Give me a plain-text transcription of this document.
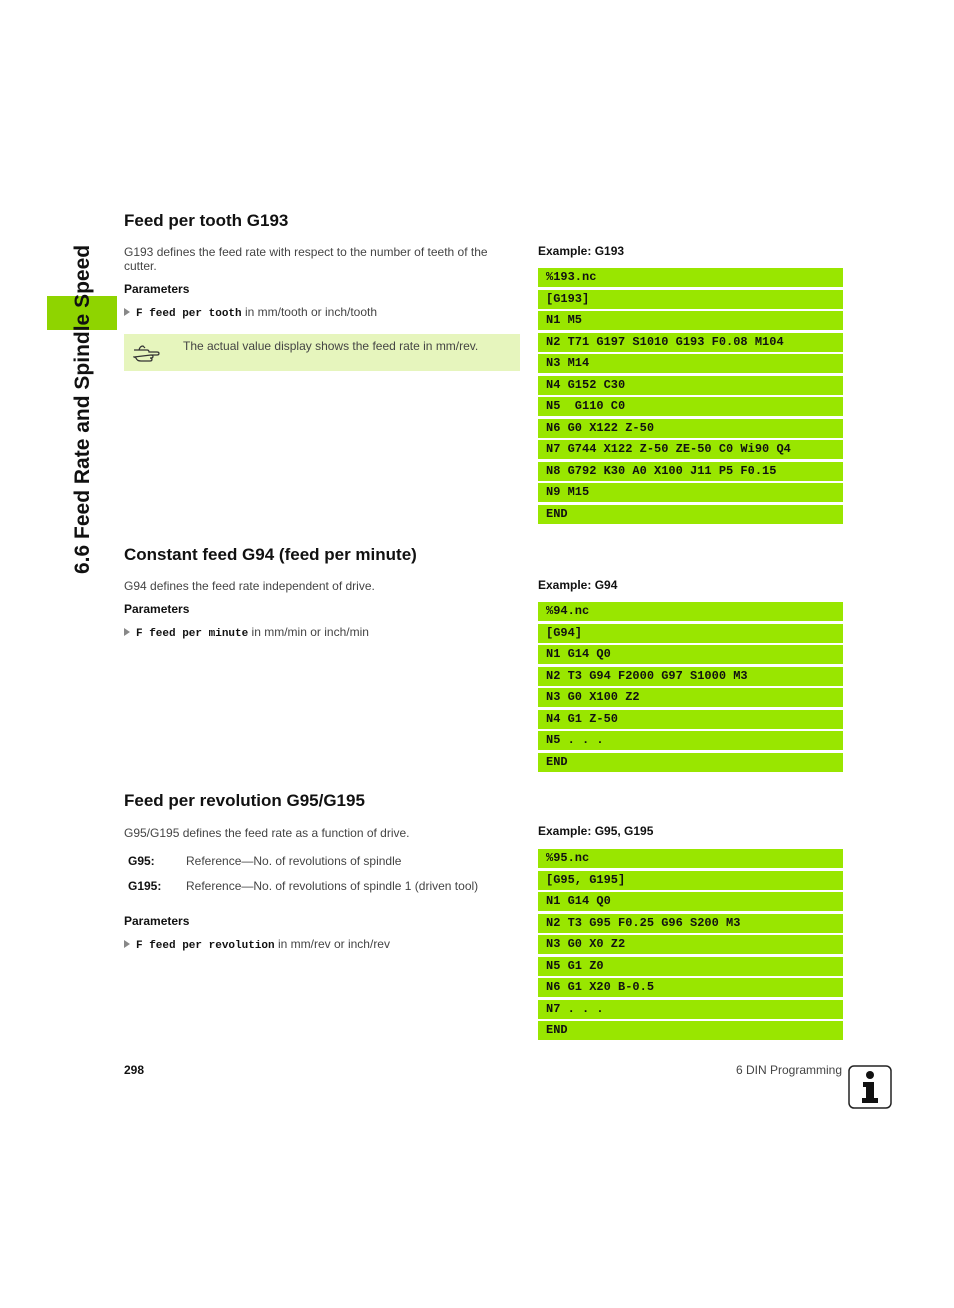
6.6 Feed Rate and Spindle Speed
Feed per tooth G193

G193 defines the feed rate with respect to the number of teeth of the cutter.

Parameters
F feed per tooth in mm/tooth or inch/tooth
The actual value display shows the feed rate in mm/rev.
Example: G193
%193.nc
[G193]
N1 M5
N2 T71 G197 S1010 G193 F0.08 M104
N3 M14
N4 G152 C30
N5  G110 C0
N6 G0 X122 Z-50
N7 G744 X122 Z-50 ZE-50 C0 Wi90 Q4
N8 G792 K30 A0 X100 J11 P5 F0.15
N9 M15
END
Constant feed G94 (feed per minute)

G94 defines the feed rate independent of drive.

Parameters
F feed per minute in mm/min or inch/min
Example: G94
%94.nc
[G94]
N1 G14 Q0
N2 T3 G94 F2000 G97 S1000 M3
N3 G0 X100 Z2
N4 G1 Z-50
N5 . . .
END
Feed per revolution G95/G195

G95/G195 defines the feed rate as a function of drive.

G95:	Reference—No. of revolutions of spindle
G195: Reference—No. of revolutions of spindle 1 (driven tool)
Parameters
F feed per revolution in mm/rev or inch/rev
Example: G95, G195
%95.nc
[G95, G195]
N1 G14 Q0
N2 T3 G95 F0.25 G96 S200 M3
N3 G0 X0 Z2
N5 G1 Z0
N6 G1 X20 B-0.5
N7 . . .
END
298	6 DIN Programming
